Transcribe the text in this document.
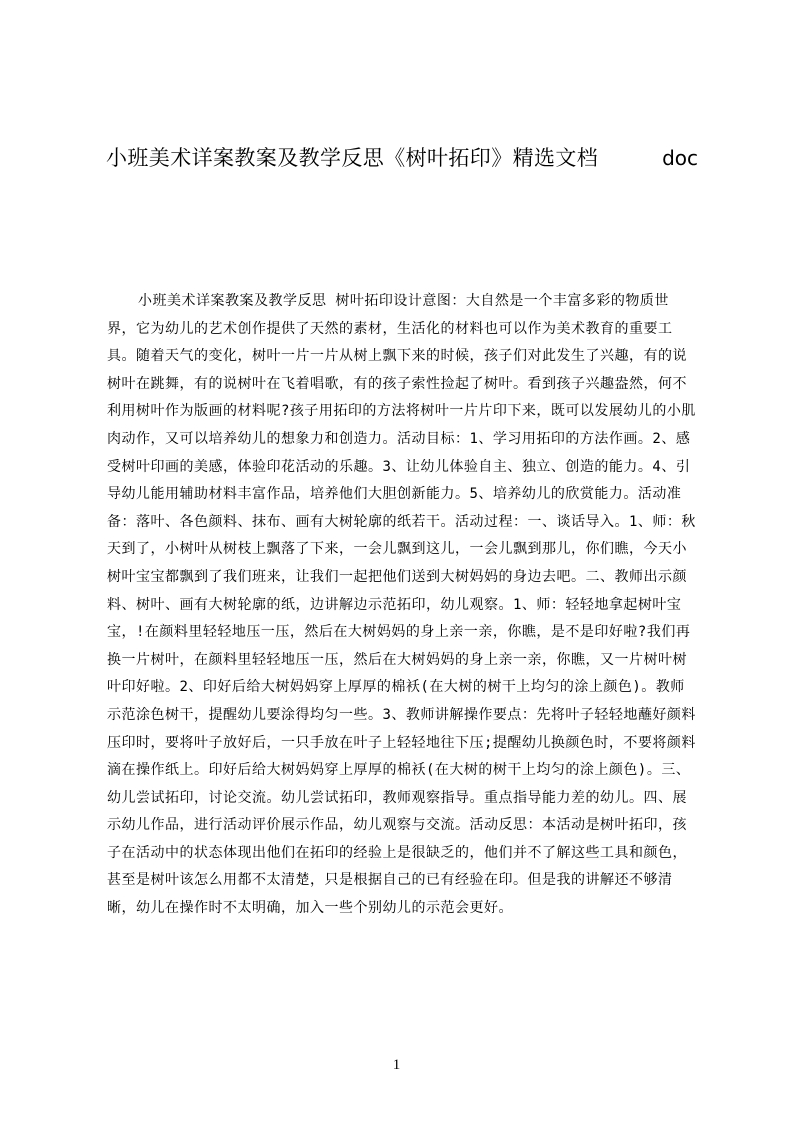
小班美术详案教案及教学反思《树叶拓印》精选文档	doc

小班美术详案教案及教学反思 树叶拓印设计意图：大自然是一个丰富多彩的物质世界，它为幼儿的艺术创作提供了天然的素材，生活化的材料也可以作为美术教育的重要工具。随着天气的变化，树叶一片一片从树上飘下来的时候，孩子们对此发生了兴趣，有的说树叶在跳舞，有的说树叶在飞着唱歌，有的孩子索性捡起了树叶。看到孩子兴趣盎然，何不利用树叶作为版画的材料呢?孩子用拓印的方法将树叶一片片印下来，既可以发展幼儿的小肌肉动作，又可以培养幼儿的想象力和创造力。活动目标：1、学习用拓印的方法作画。2、感受树叶印画的美感，体验印花活动的乐趣。3、让幼儿体验自主、独立、创造的能力。4、引导幼儿能用辅助材料丰富作品，培养他们大胆创新能力。5、培养幼儿的欣赏能力。活动准备：落叶、各色颜料、抹布、画有大树轮廓的纸若干。活动过程：一、谈话导入。1、师：秋天到了，小树叶从树枝上飘落了下来，一会儿飘到这儿，一会儿飘到那儿，你们瞧，今天小树叶宝宝都飘到了我们班来，让我们一起把他们送到大树妈妈的身边去吧。二、教师出示颜料、树叶、画有大树轮廓的纸，边讲解边示范拓印，幼儿观察。1、师：轻轻地拿起树叶宝宝，!在颜料里轻轻地压一压，然后在大树妈妈的身上亲一亲，你瞧，是不是印好啦?我们再换一片树叶，在颜料里轻轻地压一压，然后在大树妈妈的身上亲一亲，你瞧，又一片树叶树叶印好啦。2、印好后给大树妈妈穿上厚厚的棉袄(在大树的树干上均匀的涂上颜色)。教师示范涂色树干，提醒幼儿要涂得均匀一些。3、教师讲解操作要点：先将叶子轻轻地蘸好颜料压印时，要将叶子放好后，一只手放在叶子上轻轻地往下压;提醒幼儿换颜色时，不要将颜料滴在操作纸上。印好后给大树妈妈穿上厚厚的棉袄(在大树的树干上均匀的涂上颜色)。三、幼儿尝试拓印，讨论交流。幼儿尝试拓印，教师观察指导。重点指导能力差的幼儿。四、展示幼儿作品，进行活动评价展示作品，幼儿观察与交流。活动反思：本活动是树叶拓印，孩子在活动中的状态体现出他们在拓印的经验上是很缺乏的，他们并不了解这些工具和颜色，甚至是树叶该怎么用都不太清楚，只是根据自己的已有经验在印。但是我的讲解还不够清晰，幼儿在操作时不太明确，加入一些个别幼儿的示范会更好。

1
